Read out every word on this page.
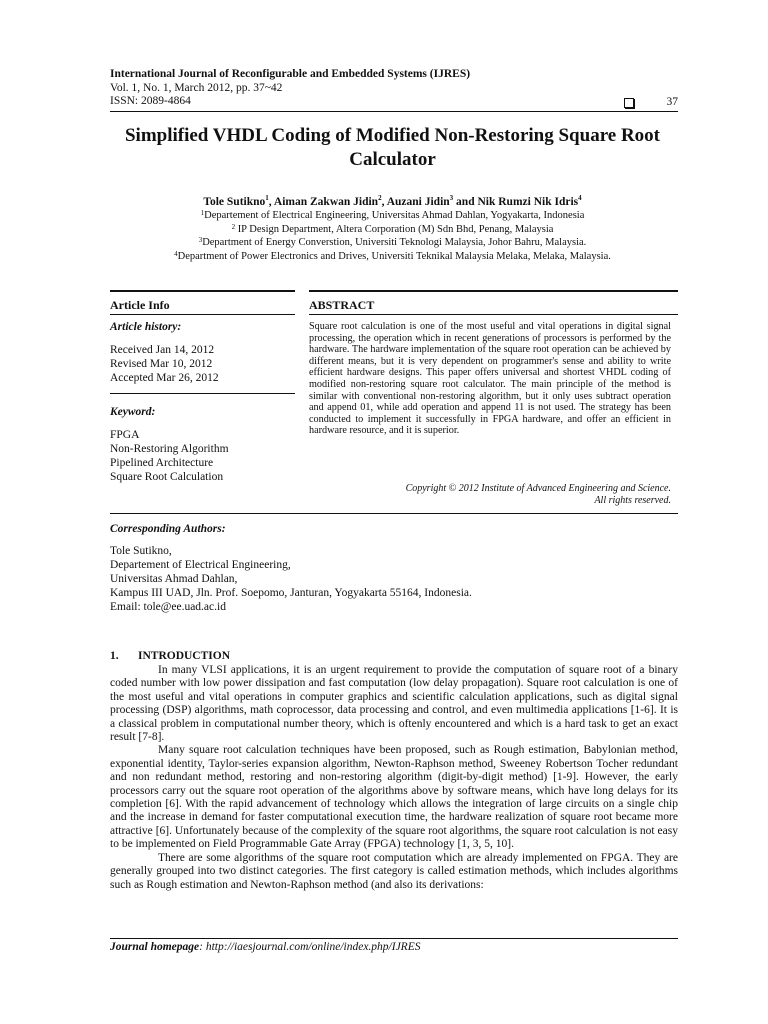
International Journal of Reconfigurable and Embedded Systems (IJRES)
Vol. 1, No. 1, March 2012, pp. 37~42
ISSN: 2089-4864	37
Simplified VHDL Coding of Modified Non-Restoring Square Root Calculator
Tole Sutikno$^1$, Aiman Zakwan Jidin$^2$, Auzani Jidin$^3$ and Nik Rumzi Nik Idris$^4$
$^1$Departement of Electrical Engineering, Universitas Ahmad Dahlan, Yogyakarta, Indonesia
$^2$ IP Design Department, Altera Corporation (M) Sdn Bhd, Penang, Malaysia
$^3$Department of Energy Converstion, Universiti Teknologi Malaysia, Johor Bahru, Malaysia.
$^4$Department of Power Electronics and Drives, Universiti Teknikal Malaysia Melaka, Melaka, Malaysia.
Article Info
Article history:
Received Jan 14, 2012
Revised Mar 10, 2012
Accepted Mar 26, 2012
Keyword:
FPGA
Non-Restoring Algorithm
Pipelined Architecture
Square Root Calculation
ABSTRACT
Square root calculation is one of the most useful and vital operations in digital signal processing, the operation which in recent generations of processors is performed by the hardware. The hardware implementation of the square root operation can be achieved by different means, but it is very dependent on programmer's sense and ability to write efficient hardware designs. This paper offers universal and shortest VHDL coding of modified non-restoring square root calculator. The main principle of the method is similar with conventional non-restoring algorithm, but it only uses subtract operation and append 01, while add operation and append 11 is not used. The strategy has been conducted to implement it successfully in FPGA hardware, and offer an efficient in hardware resource, and it is superior.
Copyright © 2012 Institute of Advanced Engineering and Science.
All rights reserved.
Corresponding Authors:
Tole Sutikno,
Departement of Electrical Engineering,
Universitas Ahmad Dahlan,
Kampus III UAD, Jln. Prof. Soepomo, Janturan, Yogyakarta 55164, Indonesia.
Email: tole@ee.uad.ac.id
1. INTRODUCTION

In many VLSI applications, it is an urgent requirement to provide the computation of square root of a binary coded number with low power dissipation and fast computation (low delay propagation). Square root calculation is one of the most useful and vital operations in computer graphics and scientific calculation applications, such as digital signal processing (DSP) algorithms, math coprocessor, data processing and control, and even multimedia applications [1-6]. It is a classical problem in computational number theory, which is oftenly encountered and which is a hard task to get an exact result [7-8].

Many square root calculation techniques have been proposed, such as Rough estimation, Babylonian method, exponential identity, Taylor-series expansion algorithm, Newton-Raphson method, Sweeney Robertson Tocher redundant and non redundant method, restoring and non-restoring algorithm (digit-by-digit method) [1-9]. However, the early processors carry out the square root operation of the algorithms above by software means, which have long delays for its completion [6]. With the rapid advancement of technology which allows the integration of large circuits on a single chip and the increase in demand for faster computational execution time, the hardware realization of square root became more attractive [6]. Unfortunately because of the complexity of the square root algorithms, the square root calculation is not easy to be implemented on Field Programmable Gate Array (FPGA) technology [1, 3, 5, 10].

There are some algorithms of the square root computation which are already implemented on FPGA. They are generally grouped into two distinct categories. The first category is called estimation methods, which includes algorithms such as Rough estimation and Newton-Raphson method (and also its derivations:

Journal homepage: http://iaesjournal.com/online/index.php/IJRES
